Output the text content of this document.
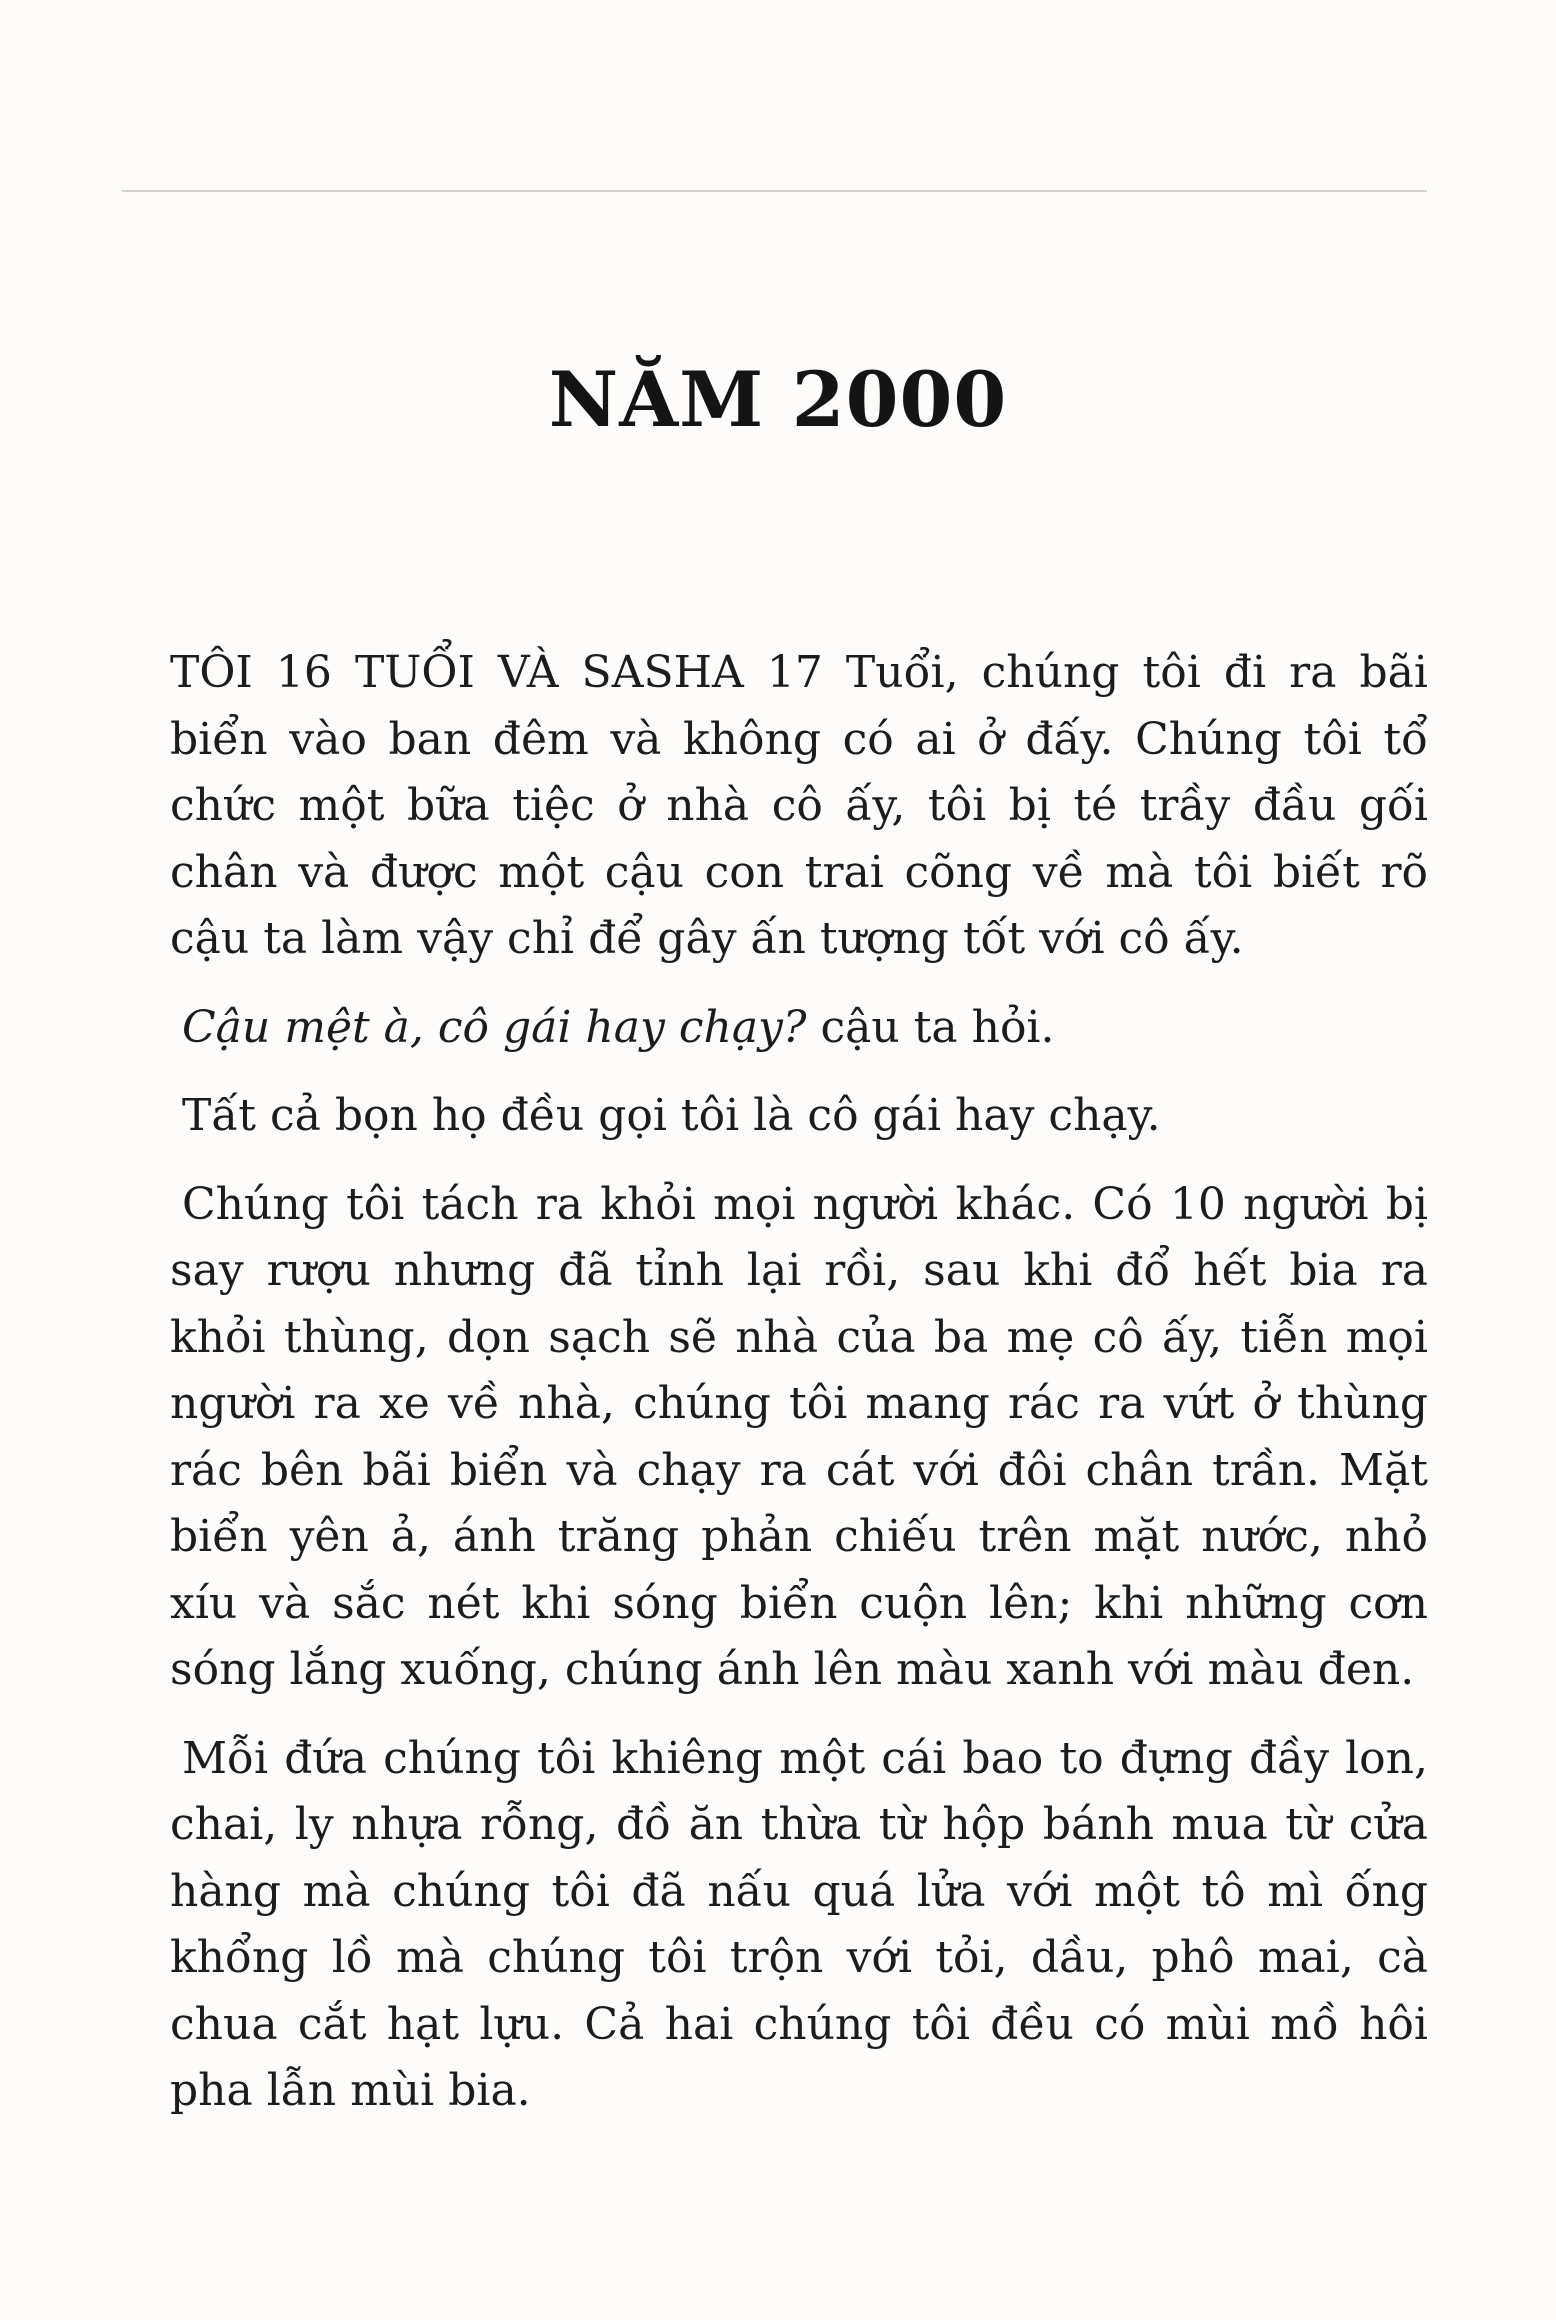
NĂM 2000

TÔI 16 TUỔI VÀ SASHA 17 Tuổi, chúng tôi đi ra bãi biển vào ban đêm và không có ai ở đấy. Chúng tôi tổ chức một bữa tiệc ở nhà cô ấy, tôi bị té trầy đầu gối chân và được một cậu con trai cõng về mà tôi biết rõ cậu ta làm vậy chỉ để gây ấn tượng tốt với cô ấy.

Cậu mệt à, cô gái hay chạy? cậu ta hỏi.

Tất cả bọn họ đều gọi tôi là cô gái hay chạy.

Chúng tôi tách ra khỏi mọi người khác. Có 10 người bị say rượu nhưng đã tỉnh lại rồi, sau khi đổ hết bia ra khỏi thùng, dọn sạch sẽ nhà của ba mẹ cô ấy, tiễn mọi người ra xe về nhà, chúng tôi mang rác ra vứt ở thùng rác bên bãi biển và chạy ra cát với đôi chân trần. Mặt biển yên ả, ánh trăng phản chiếu trên mặt nước, nhỏ xíu và sắc nét khi sóng biển cuộn lên; khi những cơn sóng lắng xuống, chúng ánh lên màu xanh với màu đen.

Mỗi đứa chúng tôi khiêng một cái bao to đựng đầy lon, chai, ly nhựa rỗng, đồ ăn thừa từ hộp bánh mua từ cửa hàng mà chúng tôi đã nấu quá lửa với một tô mì ống khổng lồ mà chúng tôi trộn với tỏi, dầu, phô mai, cà chua cắt hạt lựu. Cả hai chúng tôi đều có mùi mồ hôi pha lẫn mùi bia.
